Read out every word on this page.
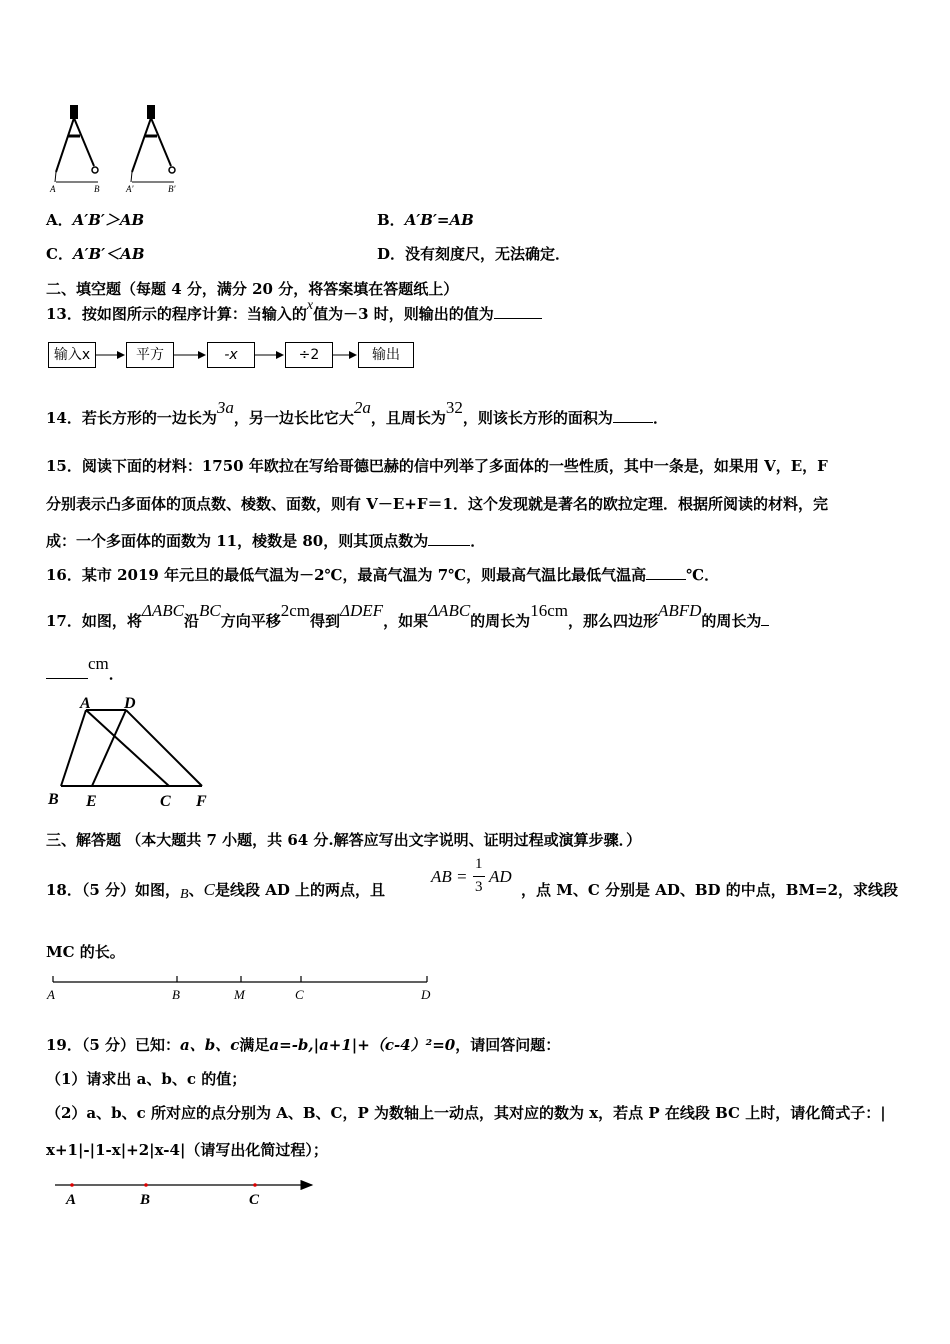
A	B	A'	B'
A．A′B′＞AB	B．A′B′=AB
C．A′B′＜AB	D．没有刻度尺，无法确定．
二、填空题（每题 4 分，满分 20 分，将答案填在答题纸上）
13．按如图所示的程序计算：当输入的x值为－3 时，则输出的值为
输入x	平方	-x	÷2	输出
14．若长方形的一边长为3a，另一边长比它大2a，且周长为32，则该长方形的面积为	．
15．阅读下面的材料：1750 年欧拉在写给哥德巴赫的信中列举了多面体的一些性质，其中一条是，如果用 V，E，F
分别表示凸多面体的顶点数、棱数、面数，则有 V－E+F＝1．这个发现就是著名的欧拉定理．根据所阅读的材料，完
成：一个多面体的面数为 11，棱数是 80，则其顶点数为	．
16．某市 2019 年元旦的最低气温为－2℃，最高气温为 7℃，则最高气温比最低气温高	℃．
17．如图，将ΔABC沿BC方向平移2cm得到ΔDEF，如果ΔABC的周长为16cm，那么四边形ABFD的周长为
cm．
A D
B E	C F
三、解答题 （本大题共 7 小题，共 64 分.解答应写出文字说明、证明过程或演算步骤．）
18．（5 分）如图，B、C是线段 AD 上的两点，且
AB =
1
3
AD
，点 M、C 分别是 AD、BD 的中点，BM=2，求线段
MC 的长。
A	B	M	C	D
19．（5 分）已知：a、b、c满足a=-b,|a+1|+（c-4）²=0，请回答问题：
（1）请求出 a、b、c 的值；
（2）a、b、c 所对应的点分别为 A、B、C，P 为数轴上一动点，其对应的数为 x，若点 P 在线段 BC 上时，请化简式子：|
x+1|-|1-x|+2|x-4|（请写出化简过程）；
A	B	C
